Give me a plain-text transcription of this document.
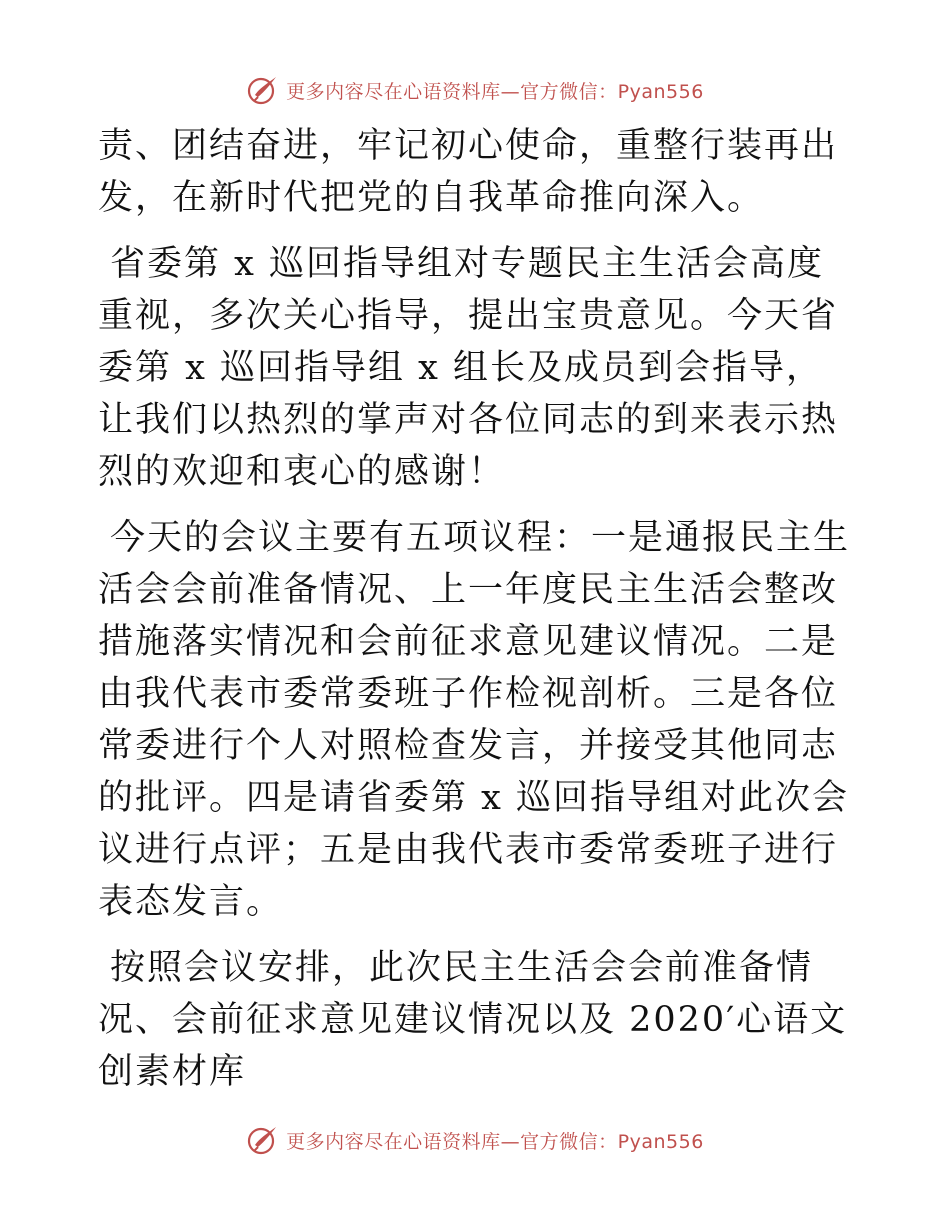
更多内容尽在心语资料库—官方微信：Pyan556

责、团结奋进，牢记初心使命，重整行装再出发，在新时代把党的自我革命推向深入。

省委第 x 巡回指导组对专题民主生活会高度重视，多次关心指导，提出宝贵意见。今天省委第 x 巡回指导组 x 组长及成员到会指导，让我们以热烈的掌声对各位同志的到来表示热烈的欢迎和衷心的感谢！

今天的会议主要有五项议程：一是通报民主生活会会前准备情况、上一年度民主生活会整改措施落实情况和会前征求意见建议情况。二是由我代表市委常委班子作检视剖析。三是各位常委进行个人对照检查发言，并接受其他同志的批评。四是请省委第 x 巡回指导组对此次会议进行点评；五是由我代表市委常委班子进行表态发言。

按照会议安排，此次民主生活会会前准备情况、会前征求意见建议情况以及 2020′心语文创素材库

更多内容尽在心语资料库—官方微信：Pyan556
